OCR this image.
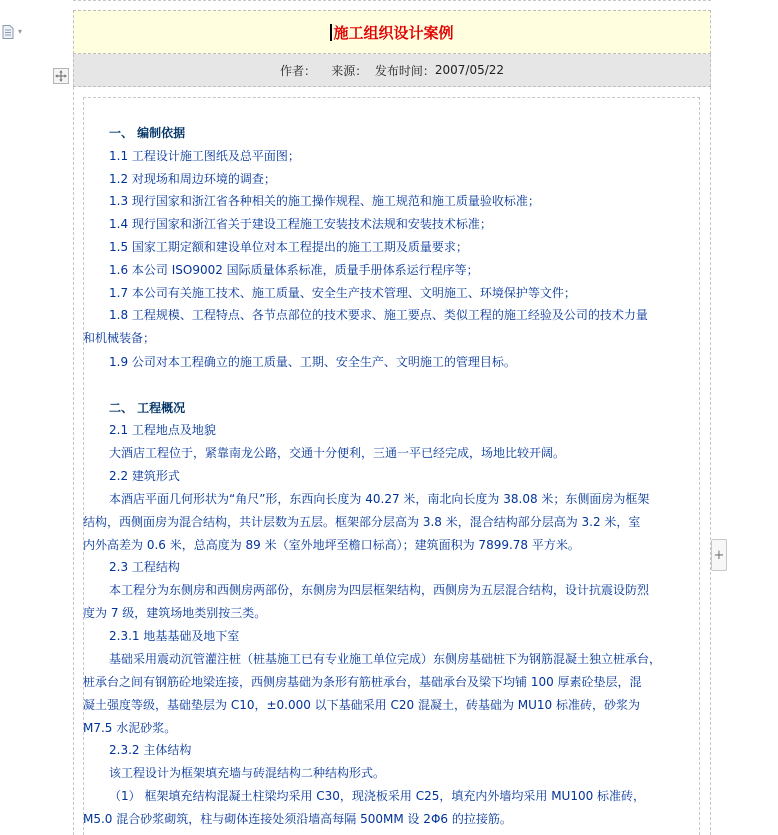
▾	施工组织设计案例
作者：
来源：
发布时间： 2007/05/22
一、 编制依据
1.1 工程设计施工图纸及总平面图；
1.2 对现场和周边环境的调查；
1.3 现行国家和浙江省各种相关的施工操作规程、施工规范和施工质量验收标准；
1.4 现行国家和浙江省关于建设工程施工安装技术法规和安装技术标准；
1.5 国家工期定额和建设单位对本工程提出的施工工期及质量要求；
1.6 本公司 ISO9002 国际质量体系标准，质量手册体系运行程序等；
1.7 本公司有关施工技术、施工质量、安全生产技术管理、文明施工、环境保护等文件；
1.8 工程规模、工程特点、各节点部位的技术要求、施工要点、类似工程的施工经验及公司的技术力量
和机械装备；
1.9 公司对本工程确立的施工质量、工期、安全生产、文明施工的管理目标。
二、 工程概况
2.1 工程地点及地貌
大酒店工程位于，紧靠南龙公路，交通十分便利，三通一平已经完成，场地比较开阔。
2.2 建筑形式
本酒店平面几何形状为“角尺”形，东西向长度为 40.27 米，南北向长度为 38.08 米；东侧面房为框架
结构，西侧面房为混合结构，共计层数为五层。框架部分层高为 3.8 米，混合结构部分层高为 3.2 米，室
内外高差为 0.6 米，总高度为 89 米（室外地坪至檐口标高）；建筑面积为 7899.78 平方米。
2.3 工程结构
本工程分为东侧房和西侧房两部份，东侧房为四层框架结构，西侧房为五层混合结构，设计抗震设防烈
度为 7 级，建筑场地类别按三类。
2.3.1 地基基础及地下室
基础采用震动沉管灌注桩（桩基施工已有专业施工单位完成）东侧房基础桩下为钢筋混凝土独立桩承台，
桩承台之间有钢筋砼地梁连接，西侧房基础为条形有筋桩承台，基础承台及梁下均铺 100 厚素砼垫层，混
凝土强度等级，基础垫层为 C10，±0.000 以下基础采用 C20 混凝土，砖基础为 MU10 标准砖，砂浆为
M7.5 水泥砂浆。
2.3.2 主体结构
该工程设计为框架填充墙与砖混结构二种结构形式。
（1） 框架填充结构混凝土柱梁均采用 C30，现浇板采用 C25，填充内外墙均采用 MU100 标准砖，
M5.0 混合砂浆砌筑，柱与砌体连接处须沿墙高每隔 500MM 设 2Φ6 的拉接筋。
+
